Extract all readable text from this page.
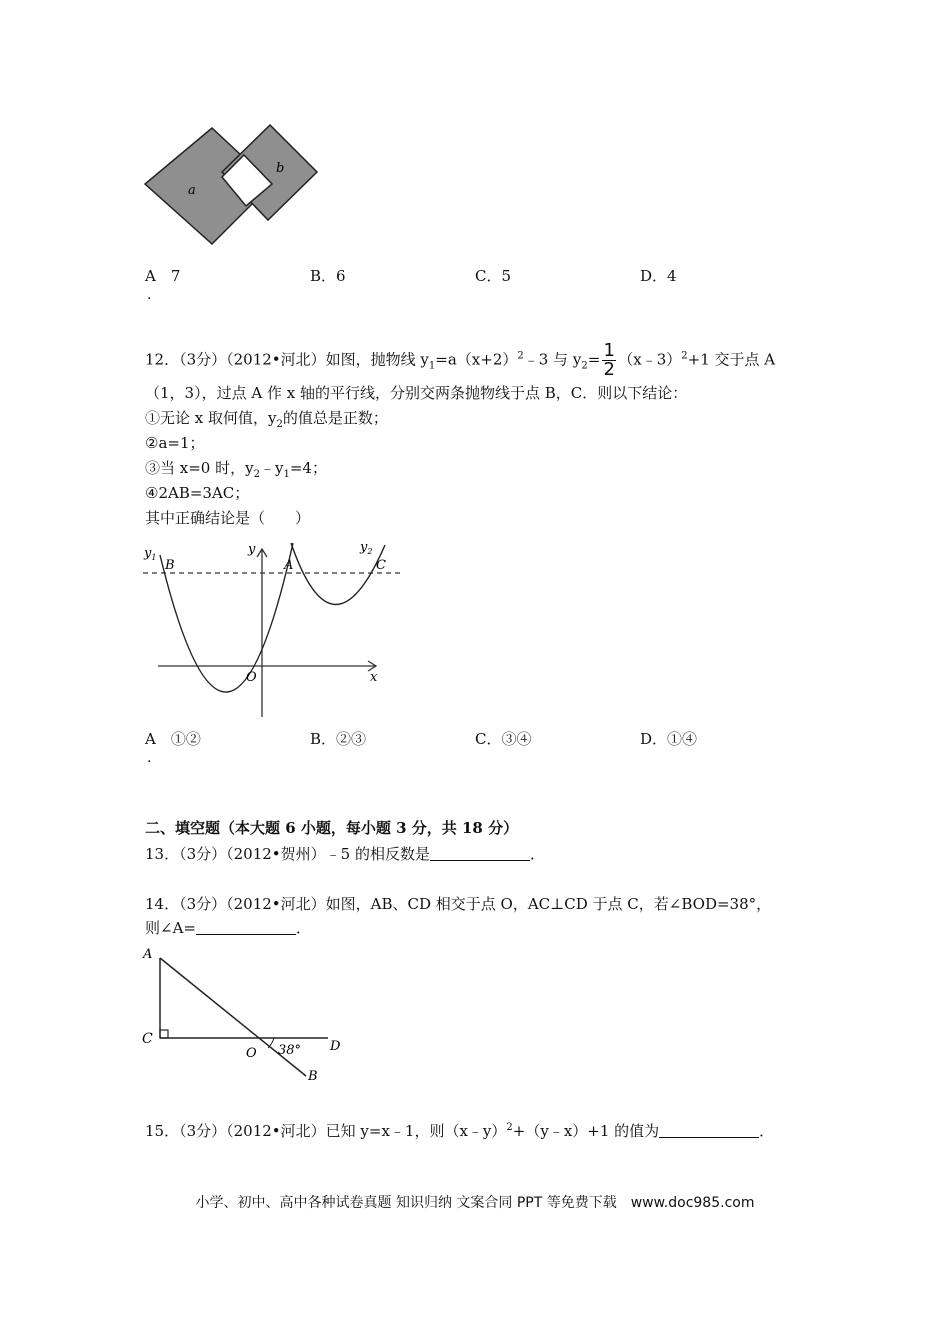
a
b
A　7	B．6	C．5	D．4
.
12．（3分）（2012•河北）如图，抛物线 $y_1=a(x+2)^2﹣3$ 与 $y_2= \frac{1}{2}$ （x﹣3）$^2$+1 交于点 A
（1，3），过点 A 作 x 轴的平行线，分别交两条抛物线于点 B，C．则以下结论：
①无论 x 取何值，$y_2$的值总是正数；
②a=1；
③当 x=0 时，$y_2﹣y_1=4$；
④2AB=3AC；
其中正确结论是（　　）
$y_1$
B
y
A
$y_2$
C
O	x
A　①②	B．②③	C．③④	D．①④
.
二、填空题（本大题 6 小题，每小题 3 分，共 18 分）
13．（3分）（2012•贺州）﹣5 的相反数是	．
14．（3分）（2012•河北）如图，AB、CD 相交于点 O，AC⊥CD 于点 C，若∠BOD=38°，
则∠A=	．
A
C
O 38° D
B
15．（3分）（2012•河北）已知 y=x﹣1，则（x﹣y）$^2$+（y﹣x）+1 的值为	．
小学、初中、高中各种试卷真题 知识归纳 文案合同 PPT 等免费下载　www.doc985.com
